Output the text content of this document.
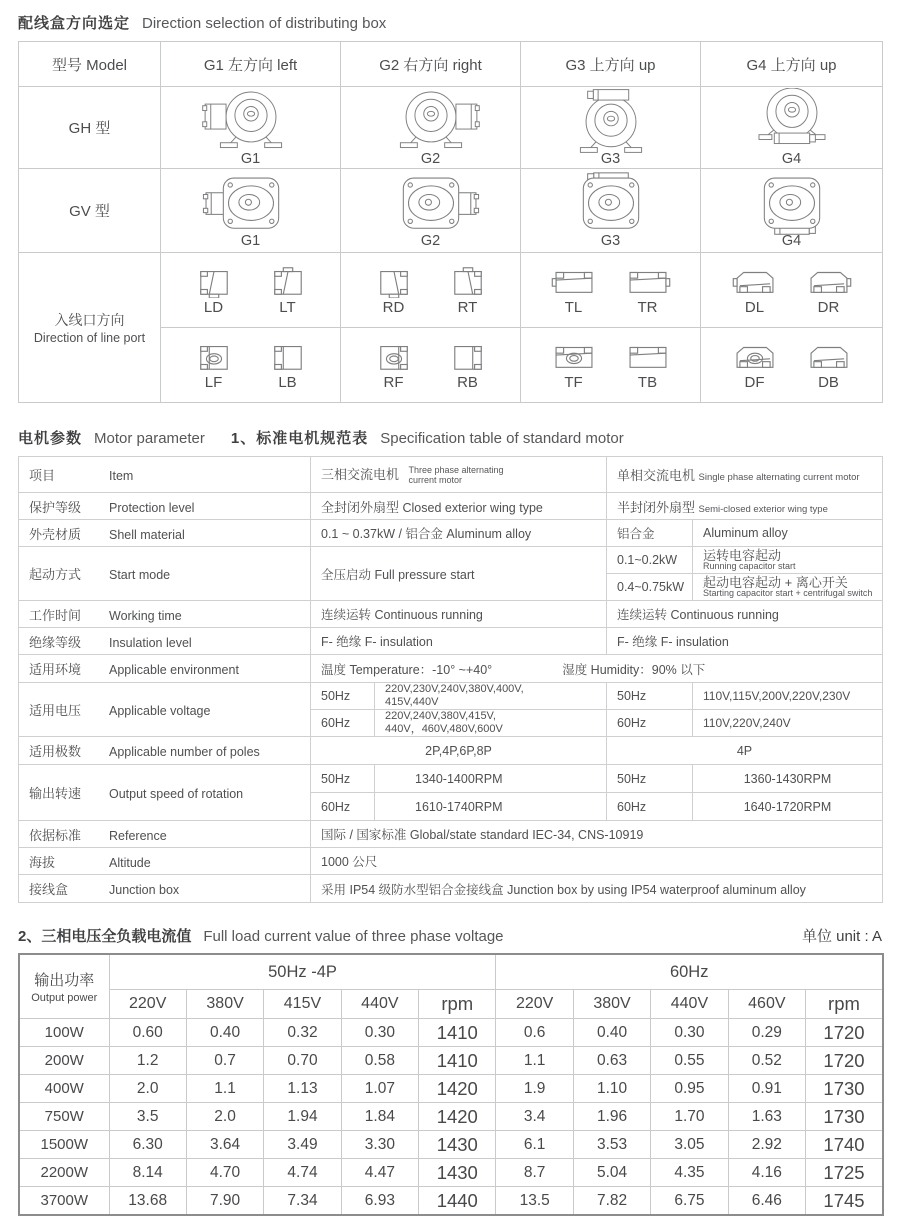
配线盒方向选定 Direction selection of distributing box
型号 Model	G1 左方向 left	G2 右方向 right	G3 上方向 up	G4 上方向 up
GH 型	G1	G2	G3	G4

GV 型	G1	G2	G3	G4

入线口方向
Direction of line port

LD	LT	RD	RT	TL	TR	DL	DR

LF	LB	RF	RB	TF	TB	DF	DB
电机参数 Motor parameter 1、标准电机规范表 Specification table of standard motor
项目 Item	三相交流电机 Three phase alternating
current motor		单相交流电机 Single phase alternating current motor	
保护等级 Protection level	全封闭外扇型 Closed exterior wing type		半封闭外扇型 Semi-closed exterior wing type	
外壳材质 Shell material	0.1 ~ 0.37kW / 铝合金 Aluminum alloy		铝合金	Aluminum alloy
起动方式 Start mode	全压启动 Full pressure start		0.1~0.2kW	运转电容起动
Running capacitor start

			0.4~0.75kW	起动电容起动 + 离心开关
Starting capacitor start + centrifugal switch

工作时间 Working time	连续运转 Continuous running		连续运转 Continuous running	
绝缘等级 Insulation level	F- 绝缘 F- insulation		F- 绝缘 F- insulation	
适用环境 Applicable environment	温度 Temperature：-10° ~+40° 湿度 Humidity：90% 以下			

适用电压 Applicable voltage	50Hz	220V,230V,240V,380V,400V,
415V,440V	50Hz	110V,115V,200V,220V,230V
	60Hz	220V,240V,380V,415V,
440V，460V,480V,600V	60Hz	110V,220V,240V
适用极数 Applicable number of poles	2P,4P,6P,8P		4P	
输出转速 Output speed of rotation	50Hz	1340-1400RPM	50Hz	1360-1430RPM
	60Hz	1610-1740RPM	60Hz	1640-1720RPM
依据标准 Reference	国际 / 国家标准 Global/state standard IEC-34, CNS-10919			
海拔 Altitude	1000 公尺			
接线盒 Junction box	采用 IP54 级防水型铝合金接线盒 Junction box by using IP54 waterproof aluminum alloy			
2、三相电压全负载电流值 Full load current value of three phase voltage	单位 unit : A
输出功率
Output power	50Hz -4P					60Hz				
	220V	380V	415V	440V	rpm	220V	380V	440V	460V	rpm
100W	0.60	0.40	0.32	0.30	1410	0.6	0.40	0.30	0.29	1720
200W	1.2	0.7	0.70	0.58	1410	1.1	0.63	0.55	0.52	1720
400W	2.0	1.1	1.13	1.07	1420	1.9	1.10	0.95	0.91	1730
750W	3.5	2.0	1.94	1.84	1420	3.4	1.96	1.70	1.63	1730
1500W	6.30	3.64	3.49	3.30	1430	6.1	3.53	3.05	2.92	1740
2200W	8.14	4.70	4.74	4.47	1430	8.7	5.04	4.35	4.16	1725
3700W	13.68	7.90	7.34	6.93	1440	13.5	7.82	6.75	6.46	1745
